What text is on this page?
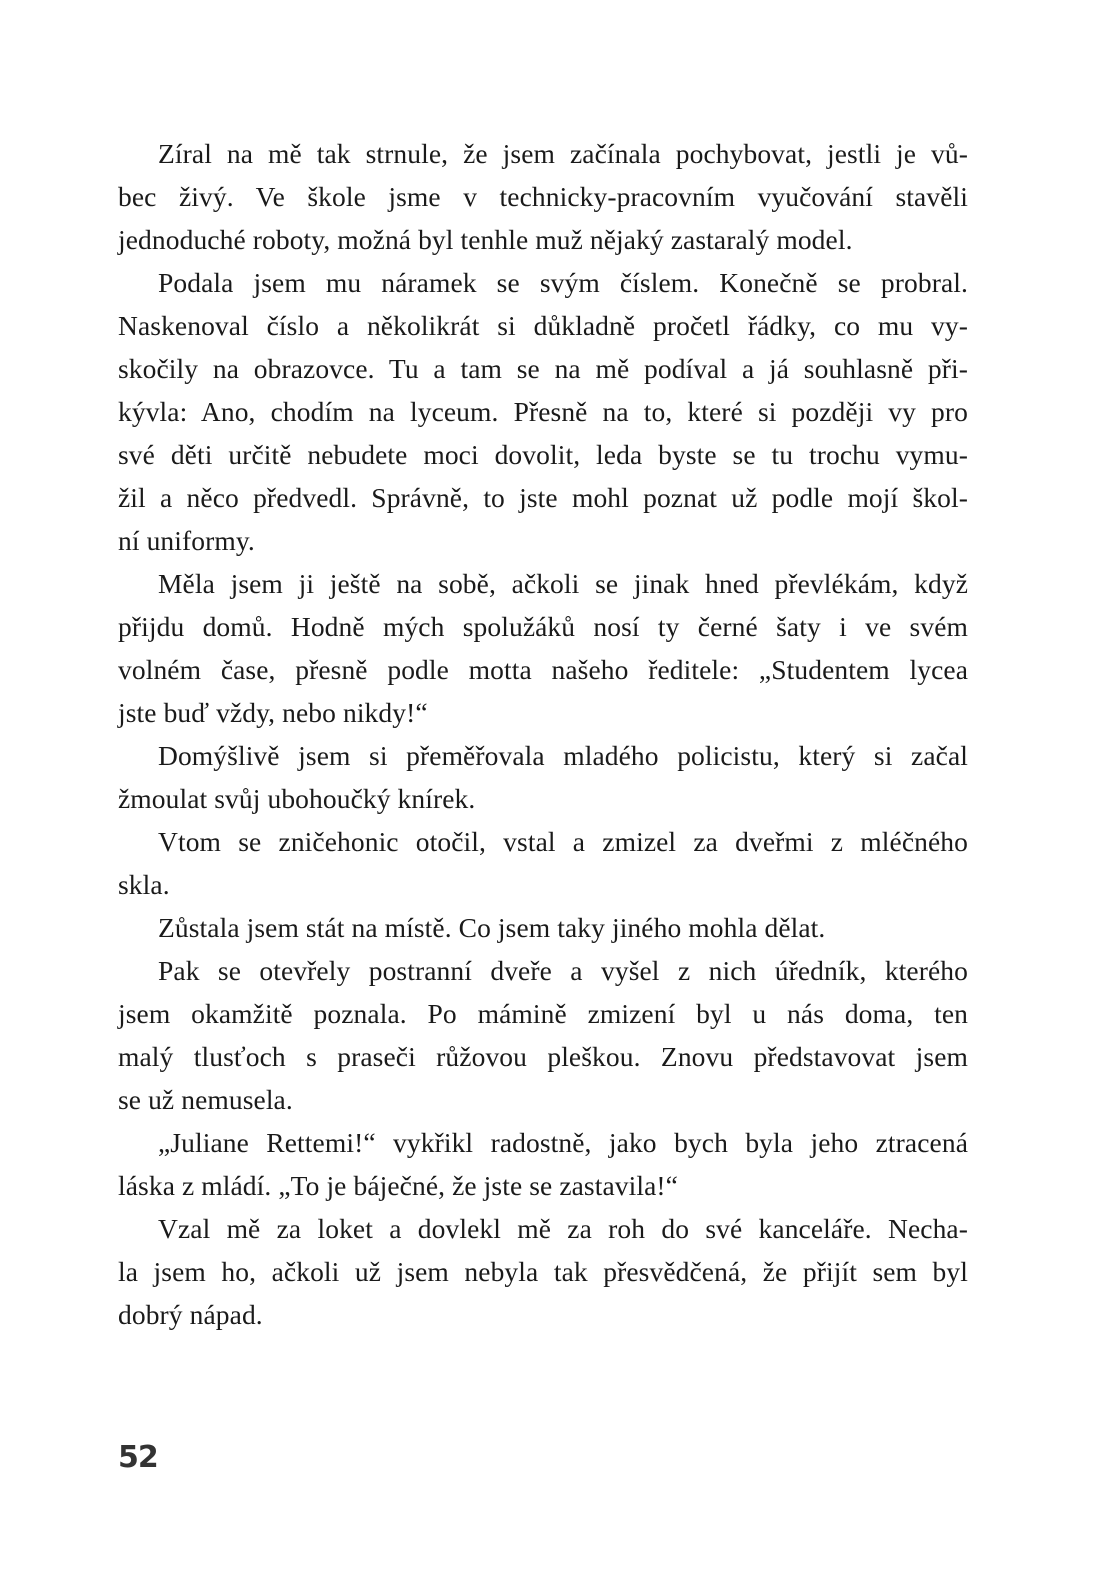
Zíral na mě tak strnule, že jsem začínala pochybovat, jestli je vů-
bec živý. Ve škole jsme v technicky-pracovním vyučování stavěli
jednoduché roboty, možná byl tenhle muž nějaký zastaralý model.
Podala jsem mu náramek se svým číslem. Konečně se probral.
Naskenoval číslo a několikrát si důkladně pročetl řádky, co mu vy-
skočily na obrazovce. Tu a tam se na mě podíval a já souhlasně při-
kývla: Ano, chodím na lyceum. Přesně na to, které si později vy pro
své děti určitě nebudete moci dovolit, leda byste se tu trochu vymu-
žil a něco předvedl. Správně, to jste mohl poznat už podle mojí škol-
ní uniformy.
Měla jsem ji ještě na sobě, ačkoli se jinak hned převlékám, když
přijdu domů. Hodně mých spolužáků nosí ty černé šaty i ve svém
volném čase, přesně podle motta našeho ředitele: „Studentem lycea
jste buď vždy, nebo nikdy!“
Domýšlivě jsem si přeměřovala mladého policistu, který si začal
žmoulat svůj ubohoučký knírek.
Vtom se zničehonic otočil, vstal a zmizel za dveřmi z mléčného
skla.
Zůstala jsem stát na místě. Co jsem taky jiného mohla dělat.
Pak se otevřely postranní dveře a vyšel z nich úředník, kterého
jsem okamžitě poznala. Po mámině zmizení byl u nás doma, ten
malý tlusťoch s praseči růžovou pleškou. Znovu představovat jsem
se už nemusela.
„Juliane Rettemi!“ vykřikl radostně, jako bych byla jeho ztracená
láska z mládí. „To je báječné, že jste se zastavila!“
Vzal mě za loket a dovlekl mě za roh do své kanceláře. Necha-
la jsem ho, ačkoli už jsem nebyla tak přesvědčená, že přijít sem byl
dobrý nápad.
52
